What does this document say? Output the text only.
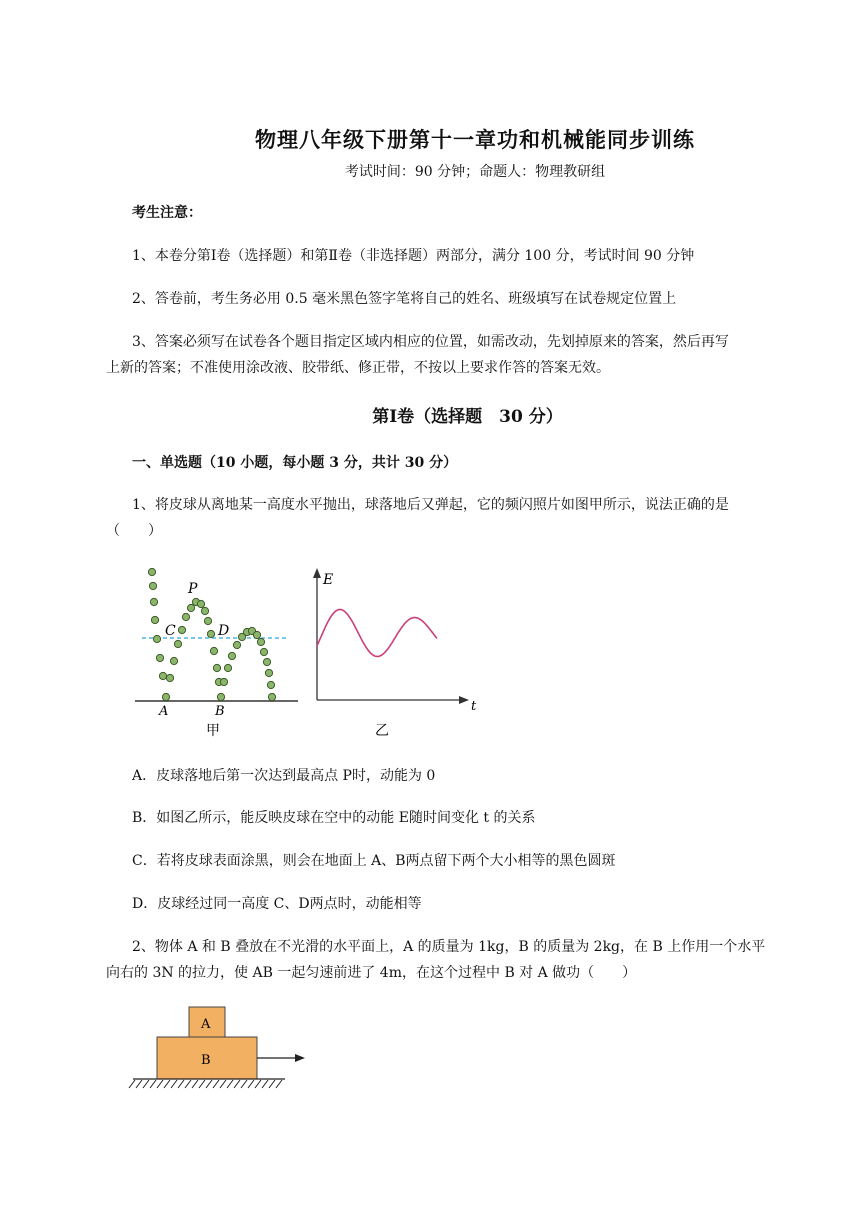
物理八年级下册第十一章功和机械能同步训练
考试时间：90 分钟；命题人：物理教研组
考生注意：
1、本卷分第Ⅰ卷（选择题）和第Ⅱ卷（非选择题）两部分，满分 100 分，考试时间 90 分钟
2、答卷前，考生务必用 0.5 毫米黑色签字笔将自己的姓名、班级填写在试卷规定位置上
3、答案必须写在试卷各个题目指定区域内相应的位置，如需改动，先划掉原来的答案，然后再写
上新的答案；不准使用涂改液、胶带纸、修正带，不按以上要求作答的答案无效。
第Ⅰ卷（选择题　30 分）
一、单选题（10 小题，每小题 3 分，共计 30 分）
1、将皮球从离地某一高度水平抛出，球落地后又弹起，它的频闪照片如图甲所示，说法正确的是
（　　）
P
C	D
A	B
甲
E
t
乙
A．皮球落地后第一次达到最高点 P时，动能为 0
B．如图乙所示，能反映皮球在空中的动能 E随时间变化 t 的关系
C．若将皮球表面涂黑，则会在地面上 A、B两点留下两个大小相等的黑色圆斑
D．皮球经过同一高度 C、D两点时，动能相等
2、物体 A 和 B 叠放在不光滑的水平面上，A 的质量为 1kg，B 的质量为 2kg，在 B 上作用一个水平
向右的 3N 的拉力，使 AB 一起匀速前进了 4m，在这个过程中 B 对 A 做功（　　）
A
B
